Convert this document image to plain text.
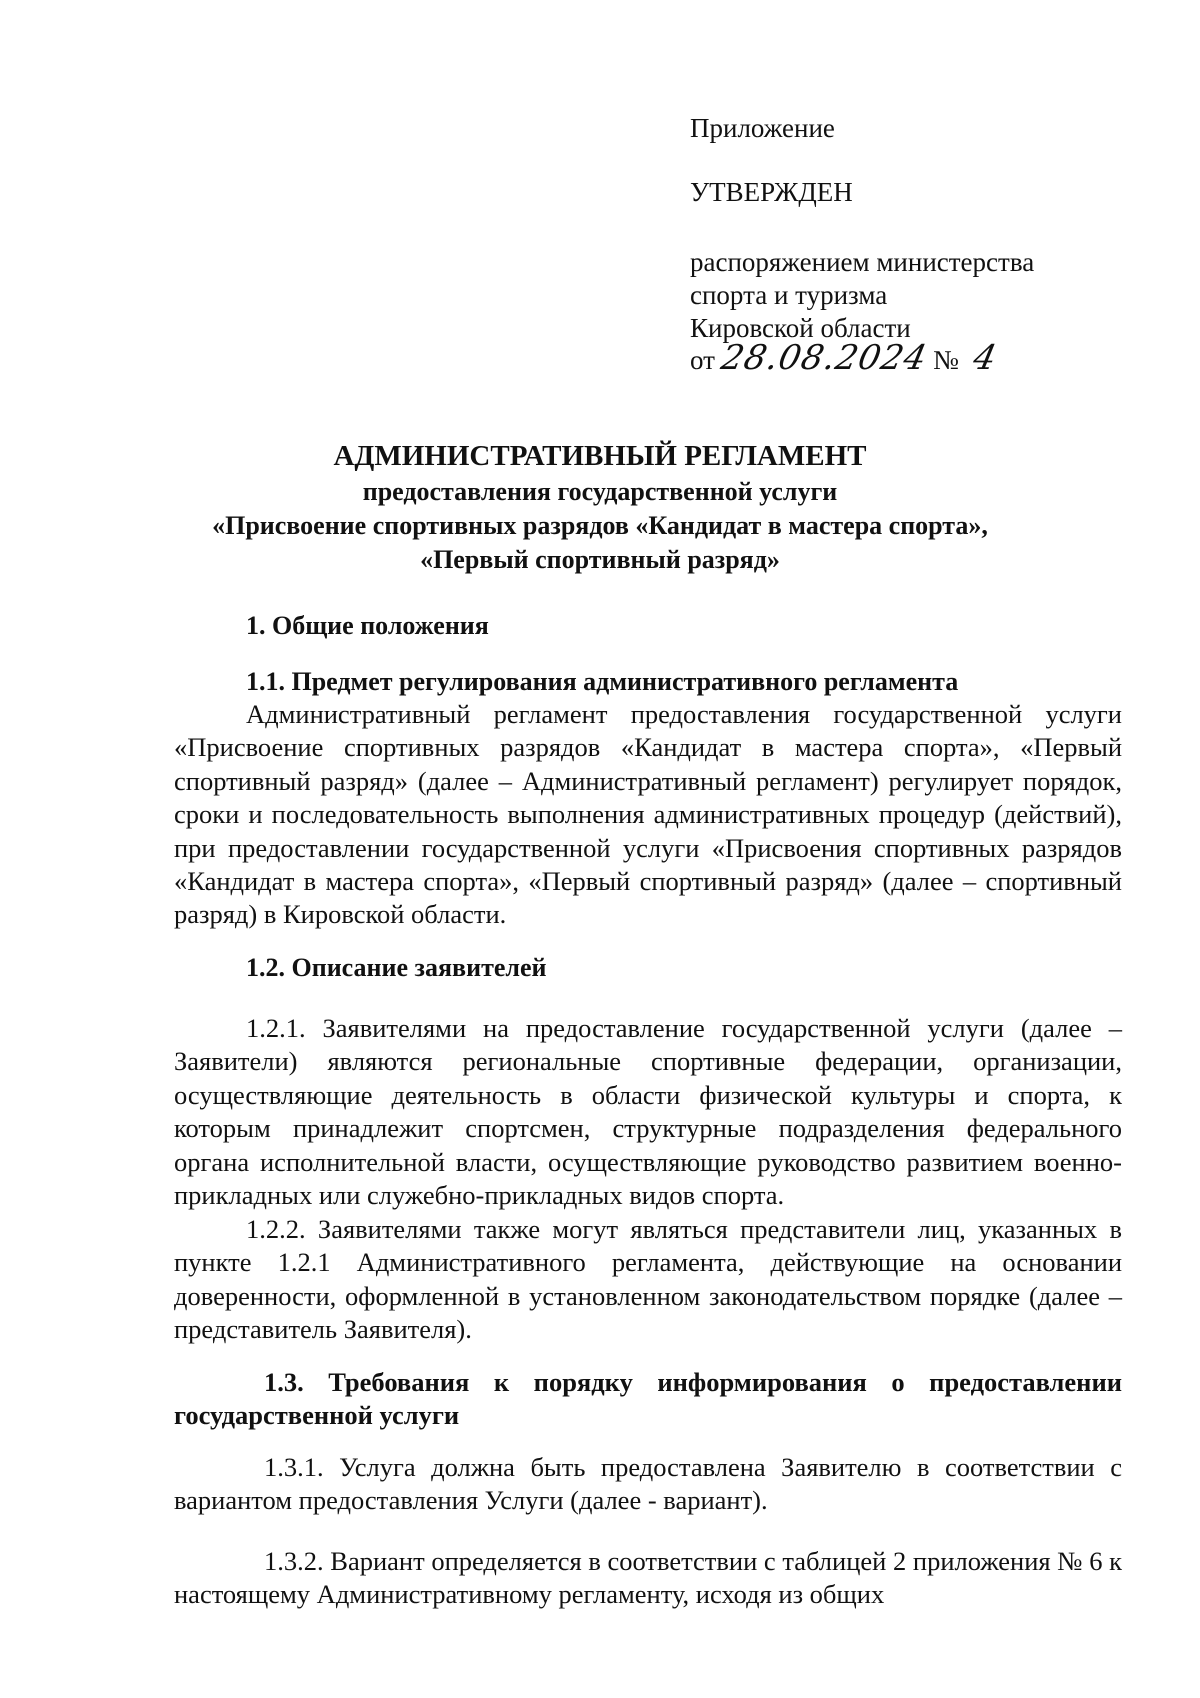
Приложение
УТВЕРЖДЕН
распоряжением министерства
спорта и туризма
Кировской области
от 28.08.2024 № 4
АДМИНИСТРАТИВНЫЙ РЕГЛАМЕНТ
предоставления государственной услуги
«Присвоение спортивных разрядов «Кандидат в мастера спорта»,
«Первый спортивный разряд»
1. Общие положения
1.1. Предмет регулирования административного регламента
Административный регламент предоставления государственной услуги «Присвоение спортивных разрядов «Кандидат в мастера спорта», «Первый спортивный разряд» (далее – Административный регламент) регулирует порядок, сроки и последовательность выполнения административных процедур (действий), при предоставлении государственной услуги «Присвоения спортивных разрядов «Кандидат в мастера спорта», «Первый спортивный разряд» (далее – спортивный разряд) в Кировской области.
1.2. Описание заявителей
1.2.1. Заявителями на предоставление государственной услуги (далее – Заявители) являются региональные спортивные федерации, организации, осуществляющие деятельность в области физической культуры и спорта, к которым принадлежит спортсмен, структурные подразделения федерального органа исполнительной власти, осуществляющие руководство развитием военно-прикладных или служебно-прикладных видов спорта.
1.2.2. Заявителями также могут являться представители лиц, указанных в пункте 1.2.1 Административного регламента, действующие на основании доверенности, оформленной в установленном законодательством порядке (далее – представитель Заявителя).
1.3. Требования к порядку информирования о предоставлении государственной услуги
1.3.1. Услуга должна быть предоставлена Заявителю в соответствии с вариантом предоставления Услуги (далее - вариант).
1.3.2. Вариант определяется в соответствии с таблицей 2 приложения № 6 к настоящему Административному регламенту, исходя из общих
